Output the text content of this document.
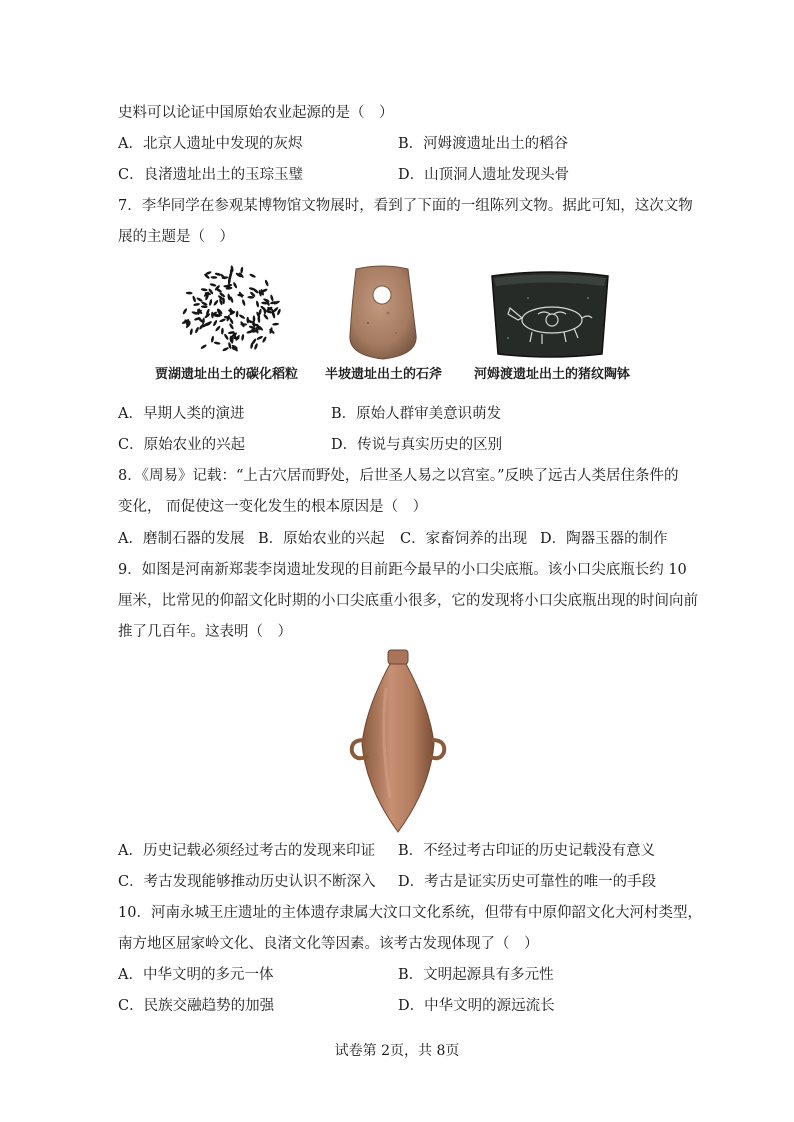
史料可以论证中国原始农业起源的是（　）
A．北京人遗址中发现的灰烬	B．河姆渡遗址出土的稻谷
C．良渚遗址出土的玉琮玉璧	D．山顶洞人遗址发现头骨
7．李华同学在参观某博物馆文物展时，看到了下面的一组陈列文物。据此可知，这次文物
展的主题是（　）
贾湖遗址出土的碳化稻粒 半坡遗址出土的石斧 河姆渡遗址出土的猪纹陶钵
A．早期人类的演进	B．原始人群审美意识萌发
C．原始农业的兴起	D．传说与真实历史的区别
8．《周易》记载：“上古穴居而野处，后世圣人易之以宫室。”反映了远古人类居住条件的
变化， 而促使这一变化发生的根本原因是（　）
A．磨制石器的发展 B．原始农业的兴起 C．家畜饲养的出现 D．陶器玉器的制作
9．如图是河南新郑裴李岗遗址发现的目前距今最早的小口尖底瓶。该小口尖底瓶长约 10
厘米，比常见的仰韶文化时期的小口尖底重小很多，它的发现将小口尖底瓶出现的时间向前
推了几百年。这表明（　）
A．历史记载必须经过考古的发现来印证 B．不经过考古印证的历史记载没有意义
C．考古发现能够推动历史认识不断深入 D．考古是证实历史可靠性的唯一的手段
10．河南永城王庄遗址的主体遗存隶属大汶口文化系统，但带有中原仰韶文化大河村类型，
南方地区屈家岭文化、良渚文化等因素。该考古发现体现了（　）
A．中华文明的多元一体	B．文明起源具有多元性
C．民族交融趋势的加强	D．中华文明的源远流长
试卷第 2页，共 8页
